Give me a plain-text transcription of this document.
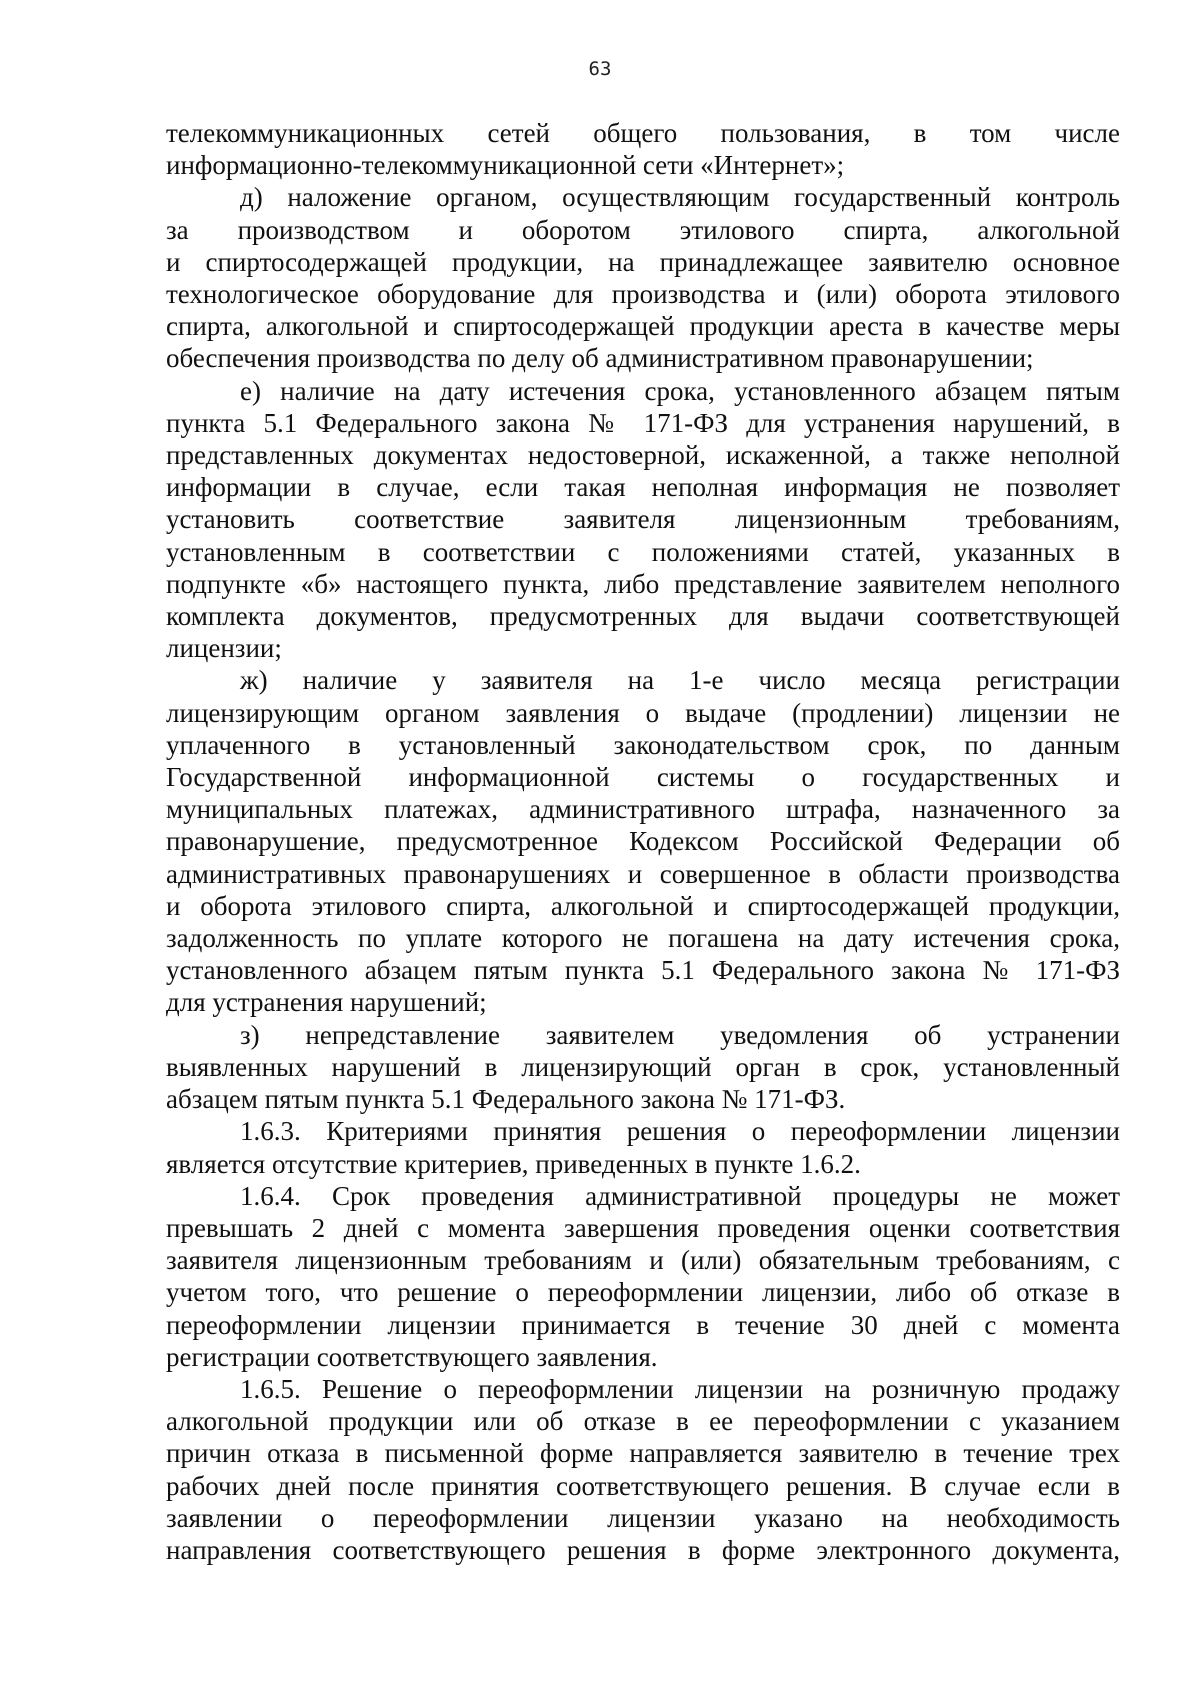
63

телекоммуникационных сетей общего пользования, в том числе

информационно-телекоммуникационной сети «Интернет»;

д) наложение органом, осуществляющим государственный контроль

за производством и оборотом этилового спирта, алкогольной

и спиртосодержащей продукции, на принадлежащее заявителю основное

технологическое оборудование для производства и (или) оборота этилового

спирта, алкогольной и спиртосодержащей продукции ареста в качестве меры

обеспечения производства по делу об административном правонарушении;

е) наличие на дату истечения срока, установленного абзацем пятым

пункта 5.1 Федерального закона № 171-ФЗ для устранения нарушений, в

представленных документах недостоверной, искаженной, а также неполной

информации в случае, если такая неполная информация не позволяет

установить соответствие заявителя лицензионным требованиям,

установленным в соответствии с положениями статей, указанных в

подпункте «б» настоящего пункта, либо представление заявителем неполного

комплекта документов, предусмотренных для выдачи соответствующей

лицензии;

ж) наличие у заявителя на 1-е число месяца регистрации

лицензирующим органом заявления о выдаче (продлении) лицензии не

уплаченного в установленный законодательством срок, по данным

Государственной информационной системы о государственных и

муниципальных платежах, административного штрафа, назначенного за

правонарушение, предусмотренное Кодексом Российской Федерации об

административных правонарушениях и совершенное в области производства

и оборота этилового спирта, алкогольной и спиртосодержащей продукции,

задолженность по уплате которого не погашена на дату истечения срока,

установленного абзацем пятым пункта 5.1 Федерального закона № 171-ФЗ

для устранения нарушений;

з) непредставление заявителем уведомления об устранении

выявленных нарушений в лицензирующий орган в срок, установленный

абзацем пятым пункта 5.1 Федерального закона № 171-ФЗ.

1.6.3. Критериями принятия решения о переоформлении лицензии

является отсутствие критериев, приведенных в пункте 1.6.2.

1.6.4. Срок проведения административной процедуры не может

превышать 2 дней с момента завершения проведения оценки соответствия

заявителя лицензионным требованиям и (или) обязательным требованиям, с

учетом того, что решение о переоформлении лицензии, либо об отказе в

переоформлении лицензии принимается в течение 30 дней с момента

регистрации соответствующего заявления.

1.6.5. Решение о переоформлении лицензии на розничную продажу

алкогольной продукции или об отказе в ее переоформлении с указанием

причин отказа в письменной форме направляется заявителю в течение трех

рабочих дней после принятия соответствующего решения. В случае если в

заявлении о переоформлении лицензии указано на необходимость

направления соответствующего решения в форме электронного документа,
